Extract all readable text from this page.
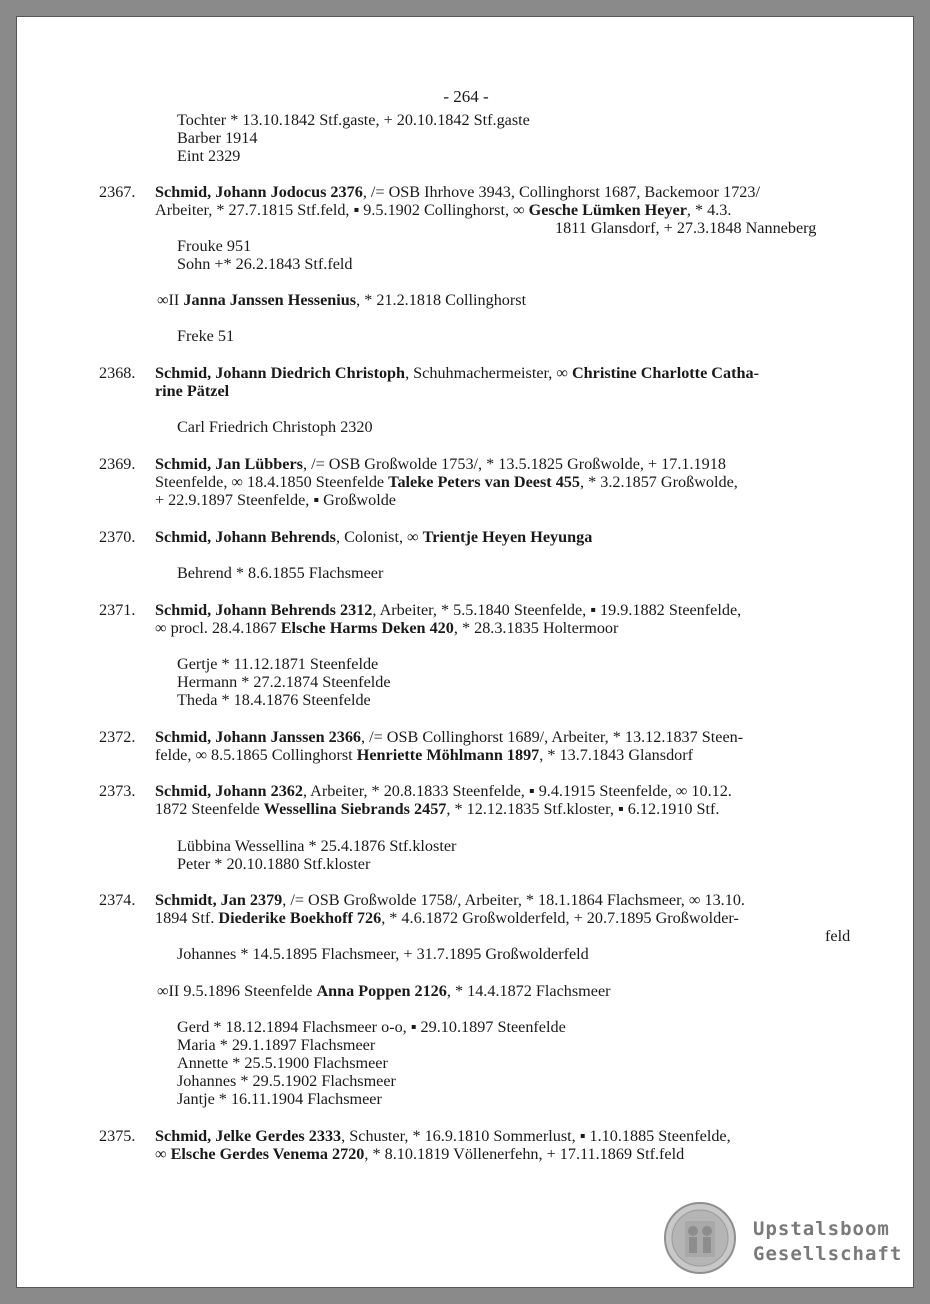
- 264 -
Tochter * 13.10.1842 Stf.gaste, + 20.10.1842 Stf.gaste
Barber 1914
Eint 2329
2367. Schmid, Johann Jodocus 2376, /= OSB Ihrhove 3943, Collinghorst 1687, Backemoor 1723/
Arbeiter, * 27.7.1815 Stf.feld, ▪ 9.5.1902 Collinghorst, ∞ Gesche Lümken Heyer, * 4.3.
1811 Glansdorf, + 27.3.1848 Nanneberg
Frouke 951
Sohn +* 26.2.1843 Stf.feld
∞II Janna Janssen Hessenius, * 21.2.1818 Collinghorst
Freke 51
2368. Schmid, Johann Diedrich Christoph, Schuhmachermeister, ∞ Christine Charlotte Catha-
rine Pätzel
Carl Friedrich Christoph 2320
2369. Schmid, Jan Lübbers, /= OSB Großwolde 1753/, * 13.5.1825 Großwolde, + 17.1.1918
Steenfelde, ∞ 18.4.1850 Steenfelde Taleke Peters van Deest 455, * 3.2.1857 Großwolde,
+ 22.9.1897 Steenfelde, ▪ Großwolde
2370. Schmid, Johann Behrends, Colonist, ∞ Trientje Heyen Heyunga
Behrend * 8.6.1855 Flachsmeer
2371. Schmid, Johann Behrends 2312, Arbeiter, * 5.5.1840 Steenfelde, ▪ 19.9.1882 Steenfelde,
∞ procl. 28.4.1867 Elsche Harms Deken 420, * 28.3.1835 Holtermoor
Gertje * 11.12.1871 Steenfelde
Hermann * 27.2.1874 Steenfelde
Theda * 18.4.1876 Steenfelde
2372. Schmid, Johann Janssen 2366, /= OSB Collinghorst 1689/, Arbeiter, * 13.12.1837 Steen-
felde, ∞ 8.5.1865 Collinghorst Henriette Möhlmann 1897, * 13.7.1843 Glansdorf
2373. Schmid, Johann 2362, Arbeiter, * 20.8.1833 Steenfelde, ▪ 9.4.1915 Steenfelde, ∞ 10.12.
1872 Steenfelde Wessellina Siebrands 2457, * 12.12.1835 Stf.kloster, ▪ 6.12.1910 Stf.
Lübbina Wessellina * 25.4.1876 Stf.kloster
Peter * 20.10.1880 Stf.kloster
2374. Schmidt, Jan 2379, /= OSB Großwolde 1758/, Arbeiter, * 18.1.1864 Flachsmeer, ∞ 13.10.
1894 Stf. Diederike Boekhoff 726, * 4.6.1872 Großwolderfeld, + 20.7.1895 Großwolder-
feld
Johannes * 14.5.1895 Flachsmeer, + 31.7.1895 Großwolderfeld
∞II 9.5.1896 Steenfelde Anna Poppen 2126, * 14.4.1872 Flachsmeer
Gerd * 18.12.1894 Flachsmeer o-o, ▪ 29.10.1897 Steenfelde
Maria * 29.1.1897 Flachsmeer
Annette * 25.5.1900 Flachsmeer
Johannes * 29.5.1902 Flachsmeer
Jantje * 16.11.1904 Flachsmeer
2375. Schmid, Jelke Gerdes 2333, Schuster, * 16.9.1810 Sommerlust, ▪ 1.10.1885 Steenfelde,
∞ Elsche Gerdes Venema 2720, * 8.10.1819 Völlenerfehn, + 17.11.1869 Stf.feld
Upstalsboom
Gesellschaft
